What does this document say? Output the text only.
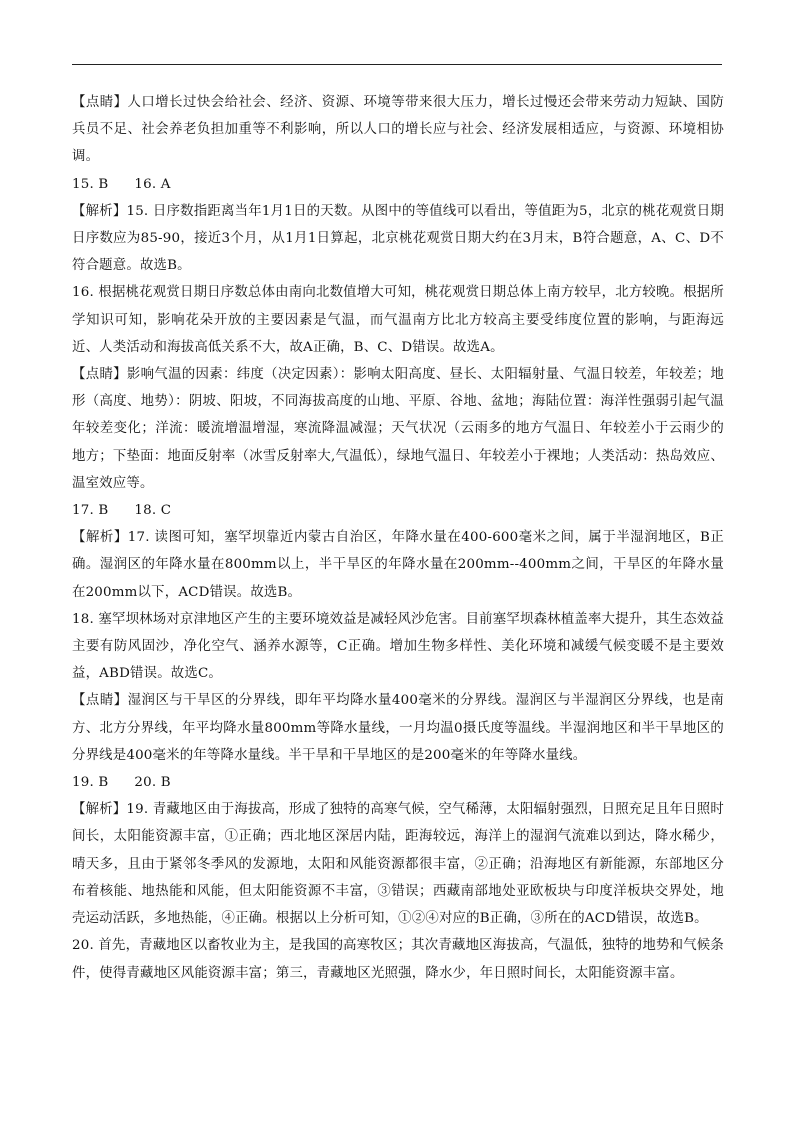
【点睛】人口增长过快会给社会、经济、资源、环境等带来很大压力，增长过慢还会带来劳动力短缺、国防兵员不足、社会养老负担加重等不利影响，所以人口的增长应与社会、经济发展相适应，与资源、环境相协调。

15. B 16. A

【解析】15. 日序数指距离当年1月1日的天数。从图中的等值线可以看出，等值距为5，北京的桃花观赏日期日序数应为85-90，接近3个月，从1月1日算起，北京桃花观赏日期大约在3月末，B符合题意，A、C、D不符合题意。故选B。

16. 根据桃花观赏日期日序数总体由南向北数值增大可知，桃花观赏日期总体上南方较早，北方较晚。根据所学知识可知，影响花朵开放的主要因素是气温，而气温南方比北方较高主要受纬度位置的影响，与距海远近、人类活动和海拔高低关系不大，故A正确，B、C、D错误。故选A。

【点睛】影响气温的因素：纬度（决定因素）：影响太阳高度、昼长、太阳辐射量、气温日较差，年较差；地形（高度、地势）：阴坡、阳坡，不同海拔高度的山地、平原、谷地、盆地；海陆位置：海洋性强弱引起气温年较差变化；洋流：暖流增温增湿，寒流降温减湿；天气状况（云雨多的地方气温日、年较差小于云雨少的地方；下垫面：地面反射率（冰雪反射率大,气温低），绿地气温日、年较差小于裸地；人类活动：热岛效应、温室效应等。

17. B 18. C

【解析】17. 读图可知，塞罕坝靠近内蒙古自治区，年降水量在400-600毫米之间，属于半湿润地区，B正确。湿润区的年降水量在800mm以上，半干旱区的年降水量在200mm--400mm之间，干旱区的年降水量在200mm以下，ACD错误。故选B。

18. 塞罕坝林场对京津地区产生的主要环境效益是减轻风沙危害。目前塞罕坝森林植盖率大提升，其生态效益主要有防风固沙，净化空气、涵养水源等，C正确。增加生物多样性、美化环境和减缓气候变暖不是主要效益，ABD错误。故选C。

【点睛】湿润区与干旱区的分界线，即年平均降水量400毫米的分界线。湿润区与半湿润区分界线，也是南方、北方分界线，年平均降水量800mm等降水量线，一月均温0摄氏度等温线。半湿润地区和半干旱地区的分界线是400毫米的年等降水量线。半干旱和干旱地区的是200毫米的年等降水量线。

19. B 20. B

【解析】19. 青藏地区由于海拔高，形成了独特的高寒气候，空气稀薄，太阳辐射强烈，日照充足且年日照时间长，太阳能资源丰富，①正确；西北地区深居内陆，距海较远，海洋上的湿润气流难以到达，降水稀少，晴天多，且由于紧邻冬季风的发源地，太阳和风能资源都很丰富，②正确；沿海地区有新能源，东部地区分布着核能、地热能和风能，但太阳能资源不丰富，③错误；西藏南部地处亚欧板块与印度洋板块交界处，地壳运动活跃，多地热能，④正确。根据以上分析可知，①②④对应的B正确，③所在的ACD错误，故选B。

20. 首先，青藏地区以畜牧业为主，是我国的高寒牧区；其次青藏地区海拔高，气温低，独特的地势和气候条件，使得青藏地区风能资源丰富；第三，青藏地区光照强，降水少，年日照时间长，太阳能资源丰富。
